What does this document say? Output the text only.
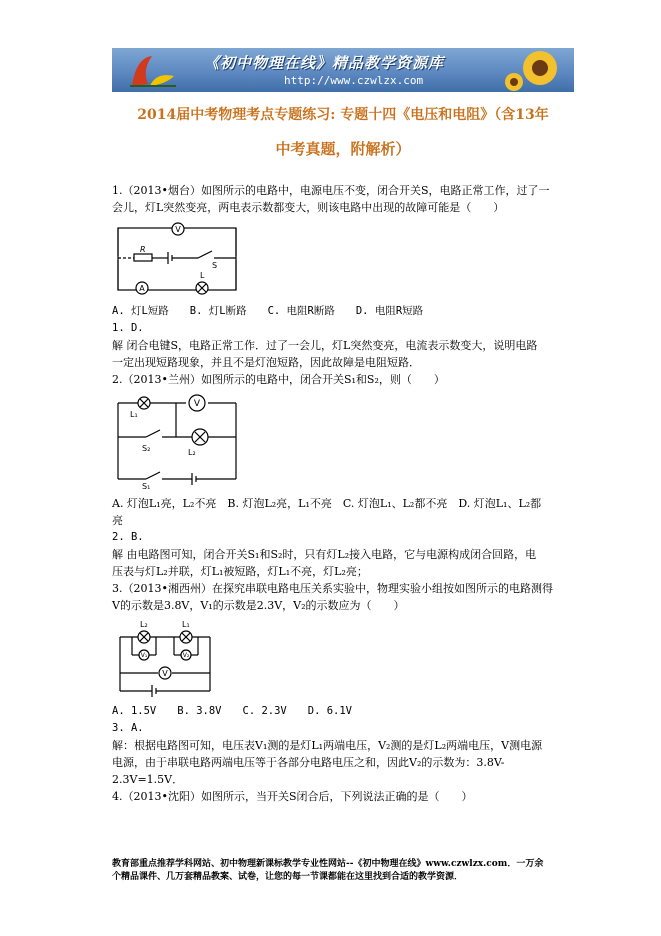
《初中物理在线》精品教学资源库
http://www.czwlzx.com
2014届中考物理考点专题练习: 专题十四《电压和电阻》（含13年
中考真题，附解析）
1.（2013•烟台）如图所示的电路中，电源电压不变，闭合开关S，电路正常工作，过了一
会儿，灯L突然变亮，两电表示数都变大，则该电路中出现的故障可能是（　　）
V
A
R
L
S
A. 灯L短路　　B. 灯L断路　　C. 电阻R断路　　D. 电阻R短路
1. D.
解 闭合电键S，电路正常工作．过了一会儿，灯L突然变亮，电流表示数变大，说明电路
一定出现短路现象，并且不是灯泡短路，因此故障是电阻短路．
2.（2013•兰州）如图所示的电路中，闭合开关S₁和S₂，则（　　）
V
L₁
L₂
S₂
S₁
A. 灯泡L₁亮，L₂不亮　B. 灯泡L₂亮，L₁不亮　C. 灯泡L₁、L₂都不亮　D. 灯泡L₁、L₂都
亮
2. B.
解 由电路图可知，闭合开关S₁和S₂时，只有灯L₂接入电路，它与电源构成闭合回路，电
压表与灯L₂并联，灯L₁被短路，灯L₁不亮，灯L₂亮；
3.（2013•湘西州）在探究串联电路电压关系实验中，物理实验小组按如图所示的电路测得
V的示数是3.8V，V₁的示数是2.3V，V₂的示数应为（　　）
V₁	V₂
V
L₂	L₁
A. 1.5V　　B. 3.8V　　C. 2.3V　　D. 6.1V
3. A.
解：根据电路图可知，电压表V₁测的是灯L₁两端电压，V₂测的是灯L₂两端电压，V测电源
电源，由于串联电路两端电压等于各部分电路电压之和，因此V₂的示数为：3.8V-
2.3V=1.5V．
4.（2013•沈阳）如图所示，当开关S闭合后，下列说法正确的是（　　）
教育部重点推荐学科网站、初中物理新课标教学专业性网站--《初中物理在线》www.czwlzx.com．一万余
个精品课件、几万套精品教案、试卷，让您的每一节课都能在这里找到合适的教学资源．
